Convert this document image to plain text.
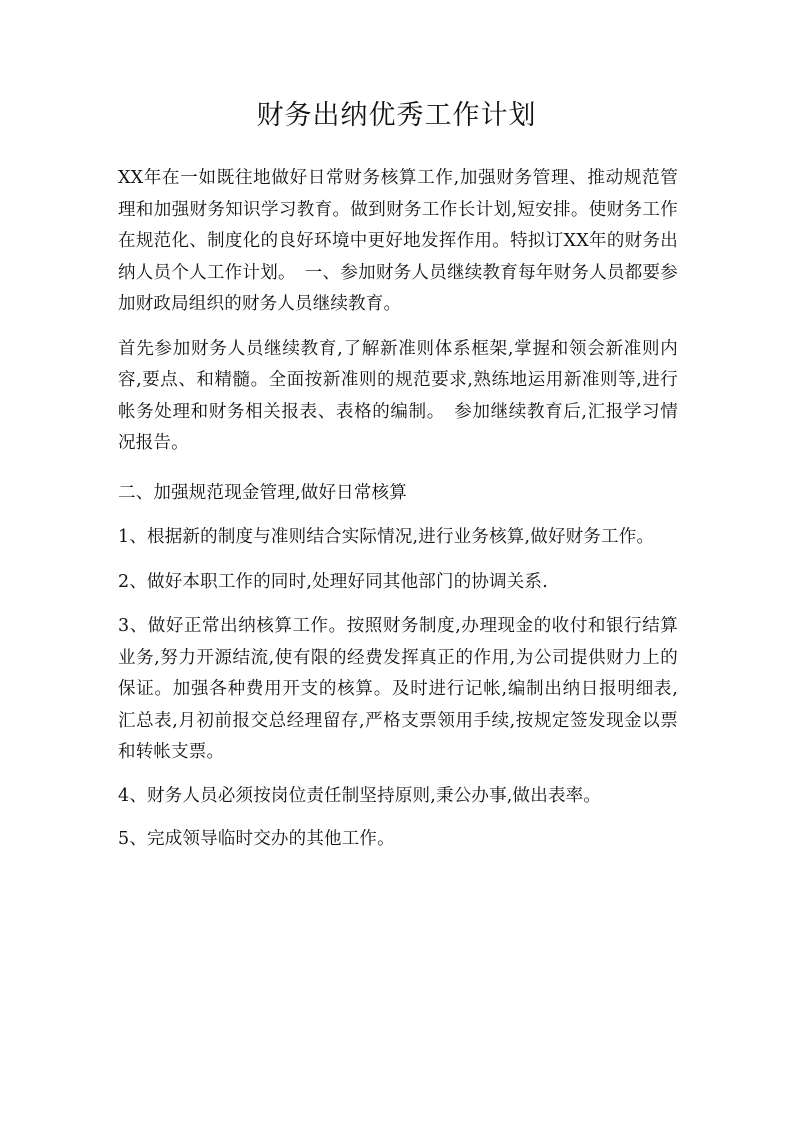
财务出纳优秀工作计划

XX年在一如既往地做好日常财务核算工作,加强财务管理、推动规范管理和加强财务知识学习教育。做到财务工作长计划,短安排。使财务工作在规范化、制度化的良好环境中更好地发挥作用。特拟订XX年的财务出纳人员个人工作计划。　一、参加财务人员继续教育每年财务人员都要参加财政局组织的财务人员继续教育。

首先参加财务人员继续教育,了解新准则体系框架,掌握和领会新准则内容,要点、和精髓。全面按新准则的规范要求,熟练地运用新准则等,进行帐务处理和财务相关报表、表格的编制。　参加继续教育后,汇报学习情况报告。

二、加强规范现金管理,做好日常核算

1、根据新的制度与准则结合实际情况,进行业务核算,做好财务工作。

2、做好本职工作的同时,处理好同其他部门的协调关系.

3、做好正常出纳核算工作。按照财务制度,办理现金的收付和银行结算业务,努力开源结流,使有限的经费发挥真正的作用,为公司提供财力上的保证。加强各种费用开支的核算。及时进行记帐,编制出纳日报明细表,汇总表,月初前报交总经理留存,严格支票领用手续,按规定签发现金以票和转帐支票。

4、财务人员必须按岗位责任制坚持原则,秉公办事,做出表率。

5、完成领导临时交办的其他工作。
